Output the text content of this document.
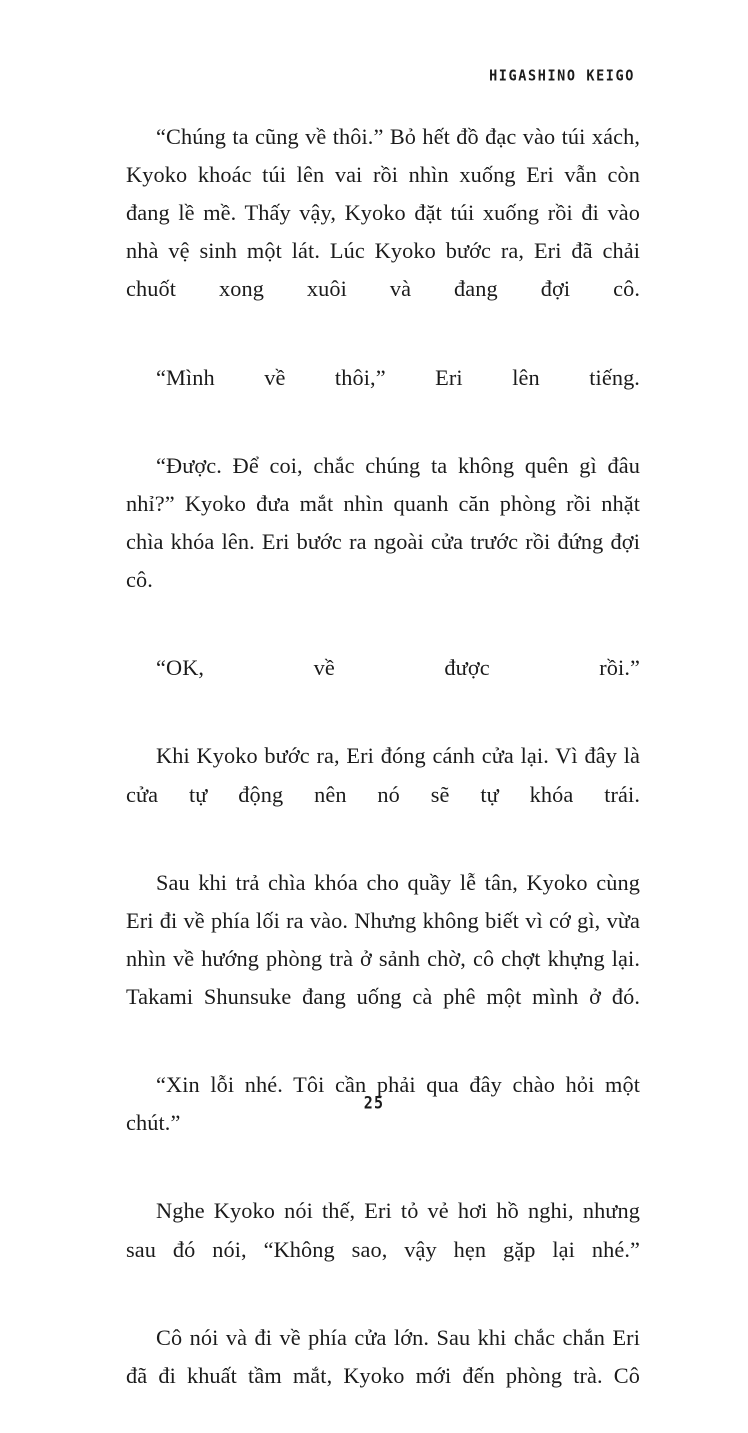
HIGASHINO KEIGO

“Chúng ta cũng về thôi.” Bỏ hết đồ đạc vào túi xách, Kyoko khoác túi lên vai rồi nhìn xuống Eri vẫn còn đang lề mề. Thấy vậy, Kyoko đặt túi xuống rồi đi vào nhà vệ sinh một lát. Lúc Kyoko bước ra, Eri đã chải chuốt xong xuôi và đang đợi cô.

“Mình về thôi,” Eri lên tiếng.

“Được. Để coi, chắc chúng ta không quên gì đâu nhỉ?” Kyoko đưa mắt nhìn quanh căn phòng rồi nhặt chìa khóa lên. Eri bước ra ngoài cửa trước rồi đứng đợi cô.

“OK, về được rồi.”

Khi Kyoko bước ra, Eri đóng cánh cửa lại. Vì đây là cửa tự động nên nó sẽ tự khóa trái.

Sau khi trả chìa khóa cho quầy lễ tân, Kyoko cùng Eri đi về phía lối ra vào. Nhưng không biết vì cớ gì, vừa nhìn về hướng phòng trà ở sảnh chờ, cô chợt khựng lại. Takami Shunsuke đang uống cà phê một mình ở đó.

“Xin lỗi nhé. Tôi cần phải qua đây chào hỏi một chút.”

Nghe Kyoko nói thế, Eri tỏ vẻ hơi hồ nghi, nhưng sau đó nói, “Không sao, vậy hẹn gặp lại nhé.”

Cô nói và đi về phía cửa lớn. Sau khi chắc chắn Eri đã đi khuất tầm mắt, Kyoko mới đến phòng trà. Cô

25
